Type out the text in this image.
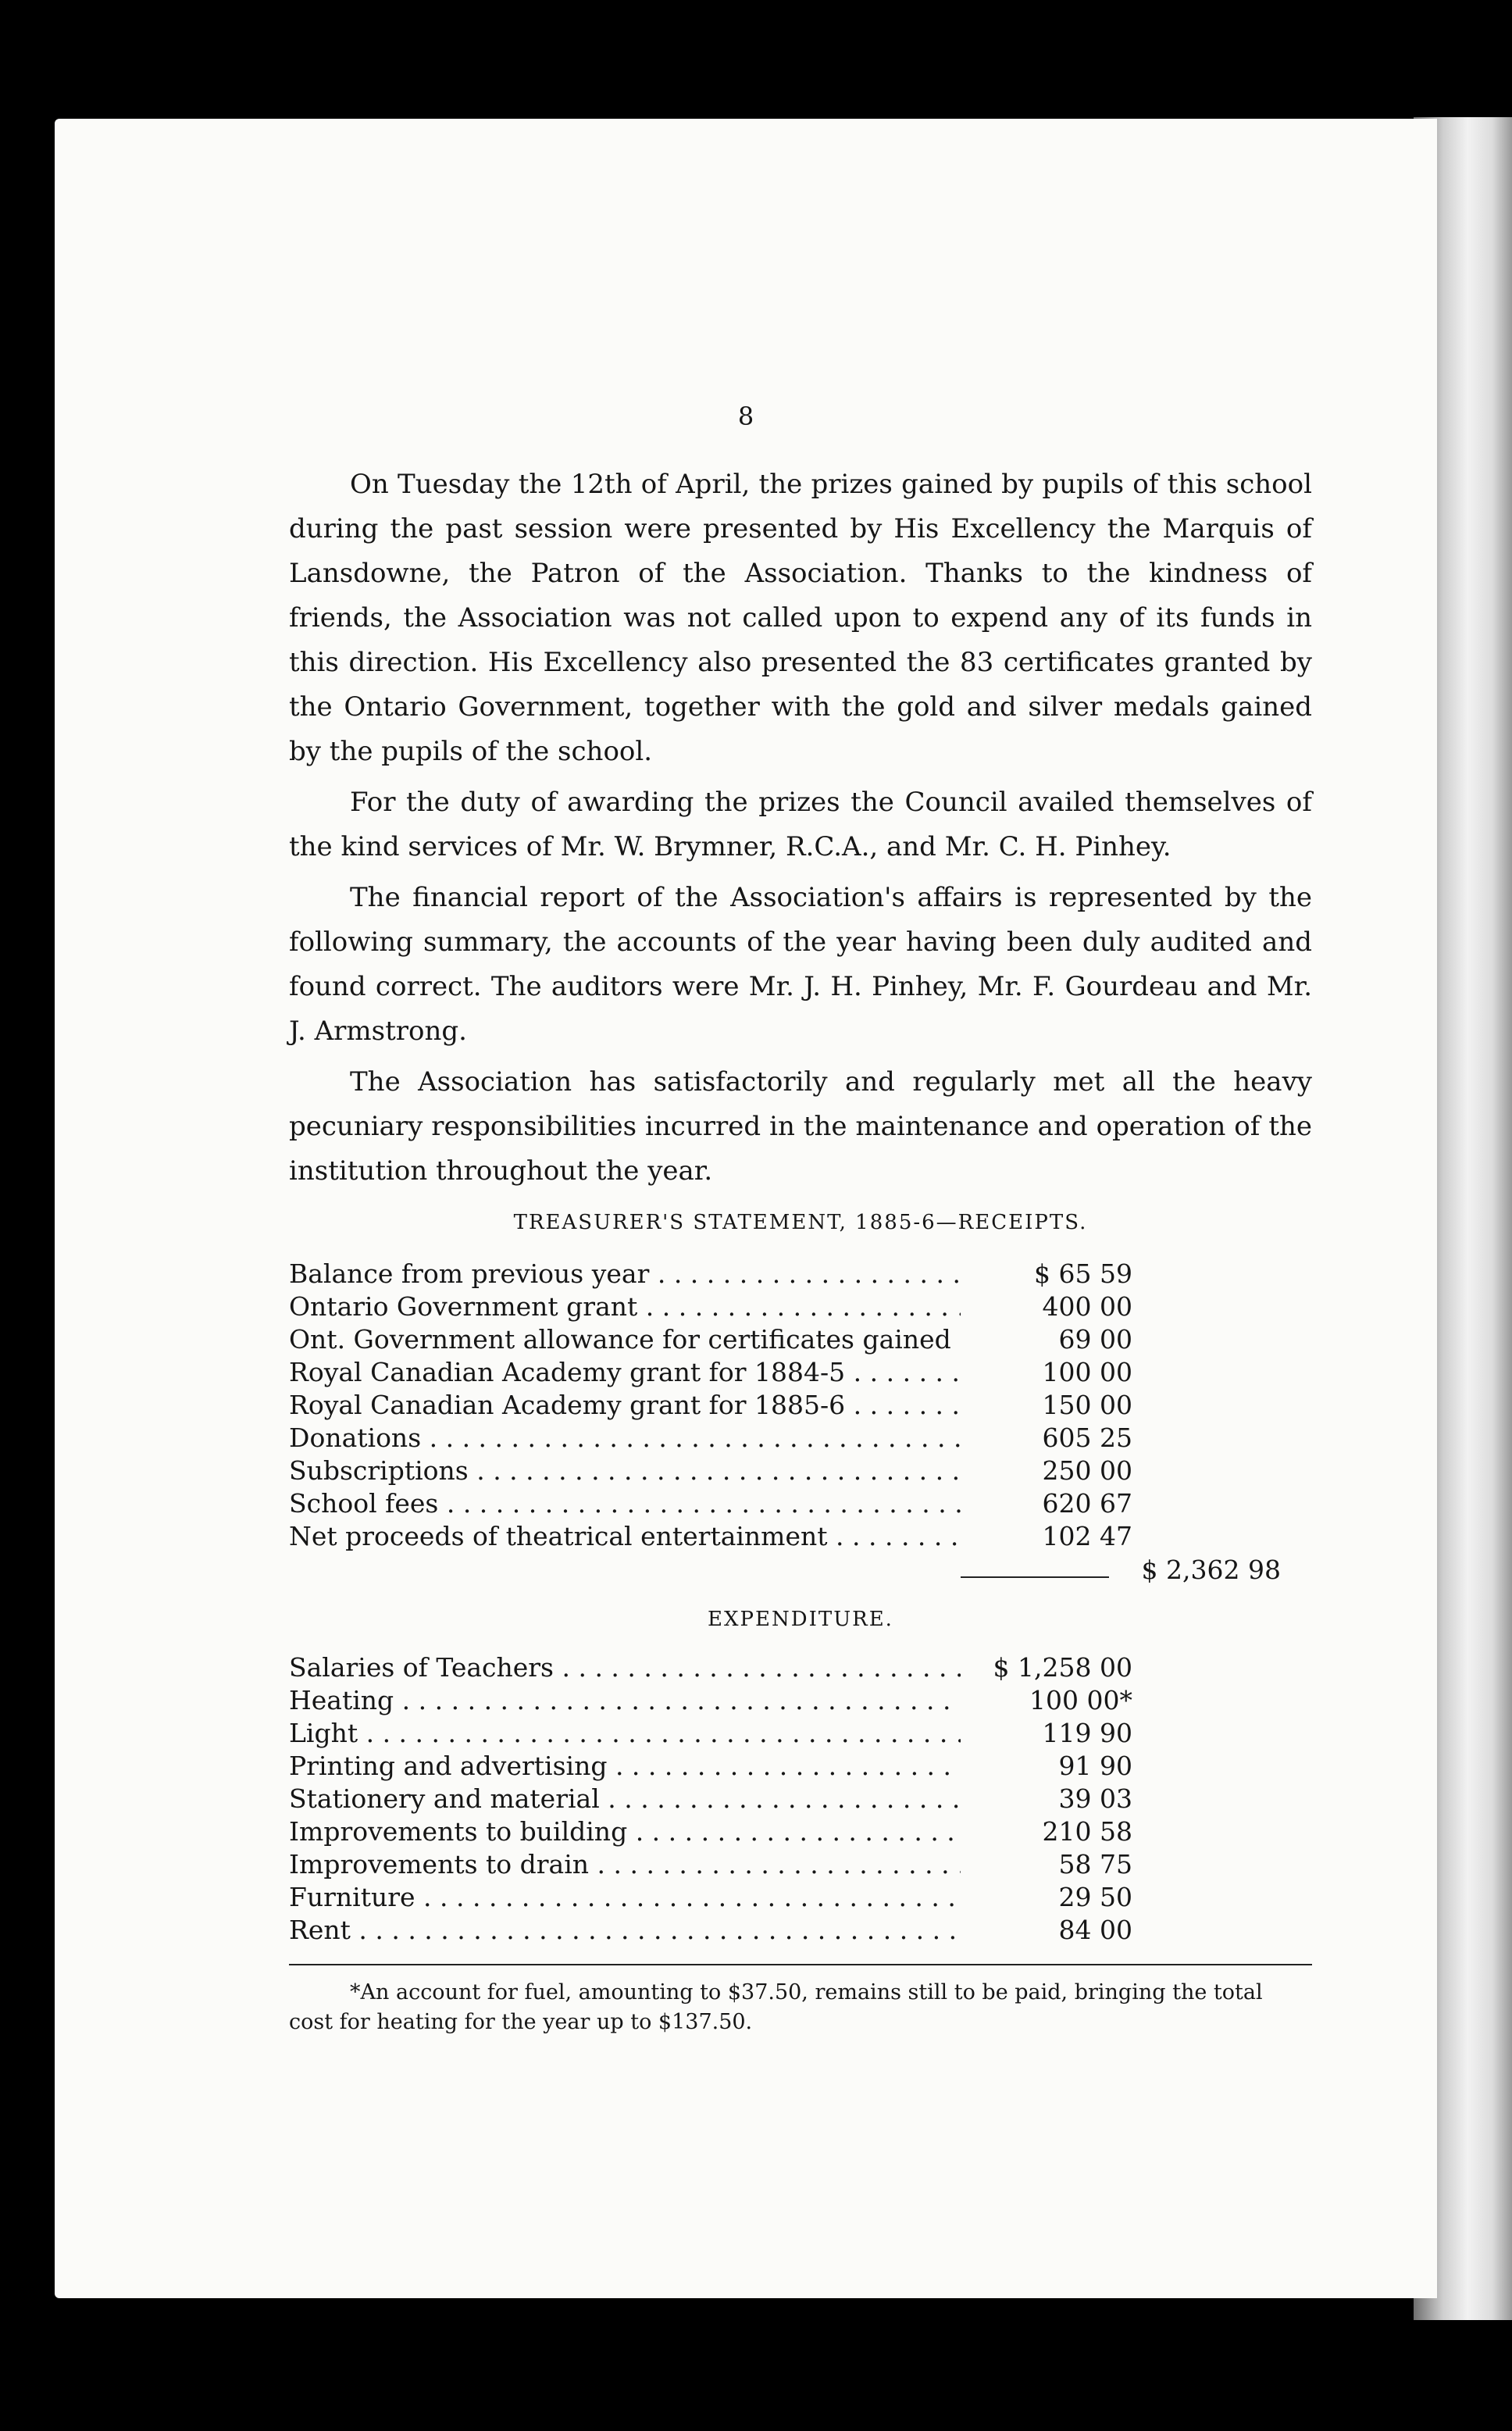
8

On Tuesday the 12th of April, the prizes gained by pupils of this school during the past session were presented by His Excellency the Marquis of Lansdowne, the Patron of the Association. Thanks to the kindness of friends, the Association was not called upon to expend any of its funds in this direction. His Excellency also presented the 83 certificates granted by the Ontario Government, together with the gold and silver medals gained by the pupils of the school.

For the duty of awarding the prizes the Council availed themselves of the kind services of Mr. W. Brymner, R.C.A., and Mr. C. H. Pinhey.

The financial report of the Association's affairs is represented by the following summary, the accounts of the year having been duly audited and found correct. The auditors were Mr. J. H. Pinhey, Mr. F. Gourdeau and Mr. J. Armstrong.

The Association has satisfactorily and regularly met all the heavy pecuniary responsibilities incurred in the maintenance and operation of the institution throughout the year.

TREASURER'S STATEMENT, 1885-6—RECEIPTS.
Balance from previous year . . .	$ 65 59
Ontario Government grant . . .	400 00
Ont. Government allowance for certificates gained	69 00
Royal Canadian Academy grant for 1884-5 . . .	100 00
Royal Canadian Academy grant for 1885-6 . . .	150 00
Donations . . .	605 25
Subscriptions . . .	250 00
School fees . . .	620 67
Net proceeds of theatrical entertainment . . .	102 47
$ 2,362 98
EXPENDITURE.
Salaries of Teachers . . .	$ 1,258 00
Heating . . .	100 00*
Light . . .	119 90
Printing and advertising . . .	91 90
Stationery and material . . .	39 03
Improvements to building . . .	210 58
Improvements to drain . . .	58 75
Furniture . . .	29 50
Rent . . .	84 00

*An account for fuel, amounting to $37.50, remains still to be paid, bringing the total cost for heating for the year up to $137.50.
